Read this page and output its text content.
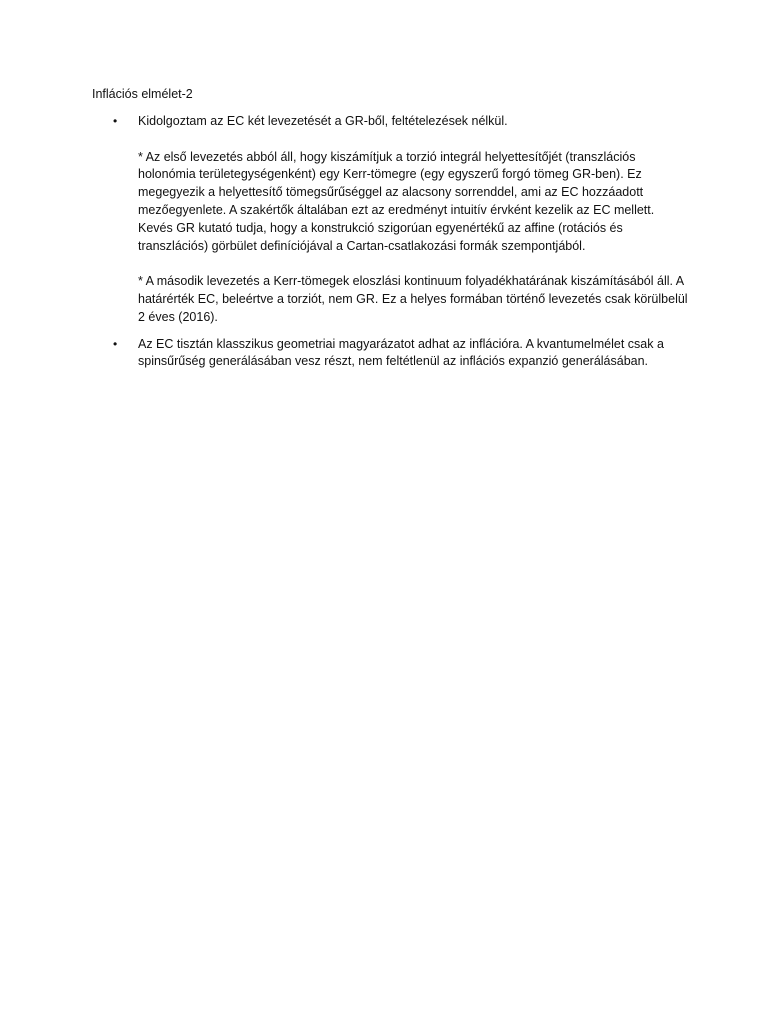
Inflációs elmélet-2
• Kidolgoztam az EC két levezetését a GR-ből, feltételezések nélkül.

* Az első levezetés abból áll, hogy kiszámítjuk a torzió integrál helyettesítőjét (transzlációs holonómia területegységenként) egy Kerr-tömegre (egy egyszerű forgó tömeg GR-ben). Ez megegyezik a helyettesítő tömegsűrűséggel az alacsony sorrenddel, ami az EC hozzáadott mezőegyenlete. A szakértők általában ezt az eredményt intuitív érvként kezelik az EC mellett. Kevés GR kutató tudja, hogy a konstrukció szigorúan egyenértékű az affine (rotációs és transzlációs) görbület definíciójával a Cartan-csatlakozási formák szempontjából.

* A második levezetés a Kerr-tömegek eloszlási kontinuum folyadékhatárának kiszámításából áll. A határérték EC, beleértve a torziót, nem GR. Ez a helyes formában történő levezetés csak körülbelül 2 éves (2016).

• Az EC tisztán klasszikus geometriai magyarázatot adhat az inflációra. A kvantumelmélet csak a spinsűrűség generálásában vesz részt, nem feltétlenül az inflációs expanzió generálásában.
